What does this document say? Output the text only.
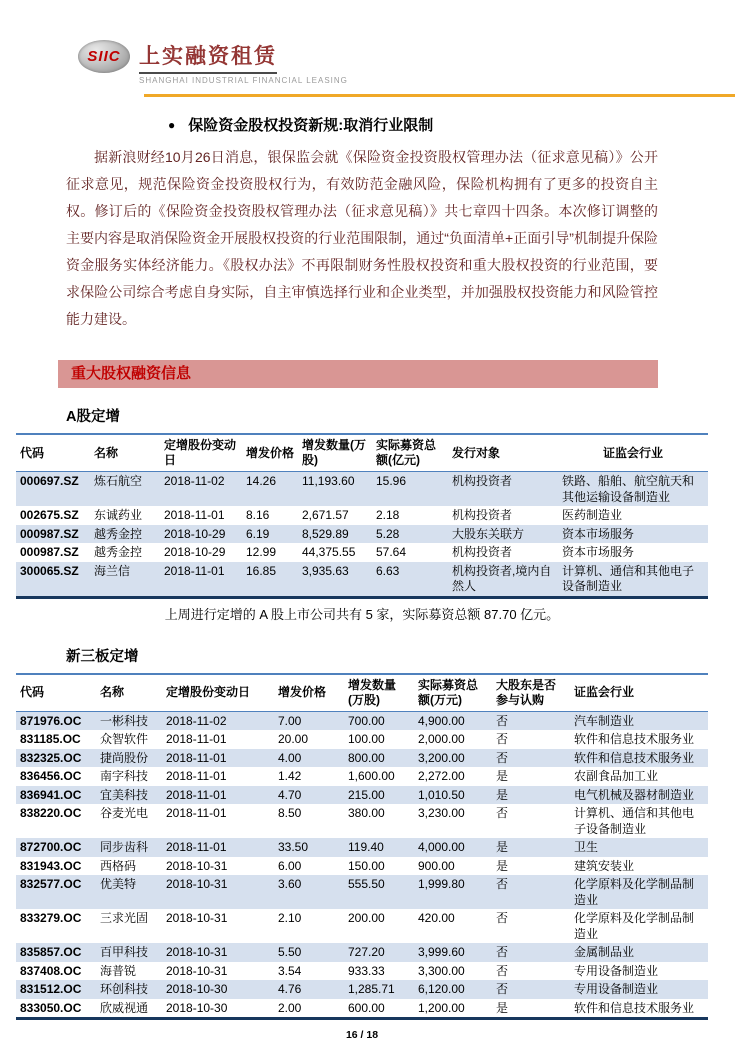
SIIC 上实融资租赁
SHANGHAI INDUSTRIAL FINANCIAL LEASING
● 保险资金股权投资新规:取消行业限制

据新浪财经10月26日消息，银保监会就《保险资金投资股权管理办法（征求意见稿）》公开征求意见，规范保险资金投资股权行为，有效防范金融风险，保险机构拥有了更多的投资自主权。修订后的《保险资金投资股权管理办法（征求意见稿）》共七章四十四条。本次修订调整的主要内容是取消保险资金开展股权投资的行业范围限制，通过“负面清单+正面引导”机制提升保险资金服务实体经济能力。《股权办法》不再限制财务性股权投资和重大股权投资的行业范围，要求保险公司综合考虑自身实际，自主审慎选择行业和企业类型，并加强股权投资能力和风险管控能力建设。

重大股权融资信息
A股定增
代码	名称	定增股份变动日	增发价格	增发数量(万股)	实际募资总额(亿元)	发行对象	证监会行业
000697.SZ	炼石航空	2018-11-02	14.26	11,193.60	15.96	机构投资者	铁路、船舶、航空航天和其他运输设备制造业
002675.SZ	东诚药业	2018-11-01	8.16	2,671.57	2.18	机构投资者	医药制造业
000987.SZ	越秀金控	2018-10-29	6.19	8,529.89	5.28	大股东关联方	资本市场服务
000987.SZ	越秀金控	2018-10-29	12.99	44,375.55	57.64	机构投资者	资本市场服务
300065.SZ	海兰信	2018-11-01	16.85	3,935.63	6.63	机构投资者,境内自然人	计算机、通信和其他电子设备制造业

上周进行定增的 A 股上市公司共有 5 家，实际募资总额 87.70 亿元。

新三板定增
代码	名称	定增股份变动日	增发价格	增发数量(万股)	实际募资总额(万元)	大股东是否参与认购	证监会行业
871976.OC	一彬科技	2018-11-02	7.00	700.00	4,900.00	否	汽车制造业
831185.OC	众智软件	2018-11-01	20.00	100.00	2,000.00	否	软件和信息技术服务业
832325.OC	捷尚股份	2018-11-01	4.00	800.00	3,200.00	否	软件和信息技术服务业
836456.OC	南字科技	2018-11-01	1.42	1,600.00	2,272.00	是	农副食品加工业
836941.OC	宜美科技	2018-11-01	4.70	215.00	1,010.50	是	电气机械及器材制造业
838220.OC	谷麦光电	2018-11-01	8.50	380.00	3,230.00	否	计算机、通信和其他电子设备制造业
872700.OC	同步齿科	2018-11-01	33.50	119.40	4,000.00	是	卫生
831943.OC	西格码	2018-10-31	6.00	150.00	900.00	是	建筑安装业
832577.OC	优美特	2018-10-31	3.60	555.50	1,999.80	否	化学原料及化学制品制造业
833279.OC	三求光固	2018-10-31	2.10	200.00	420.00	否	化学原料及化学制品制造业
835857.OC	百甲科技	2018-10-31	5.50	727.20	3,999.60	否	金属制品业
837408.OC	海普锐	2018-10-31	3.54	933.33	3,300.00	否	专用设备制造业
831512.OC	环创科技	2018-10-30	4.76	1,285.71	6,120.00	否	专用设备制造业
833050.OC	欣威视通	2018-10-30	2.00	600.00	1,200.00	是	软件和信息技术服务业
16 / 18
